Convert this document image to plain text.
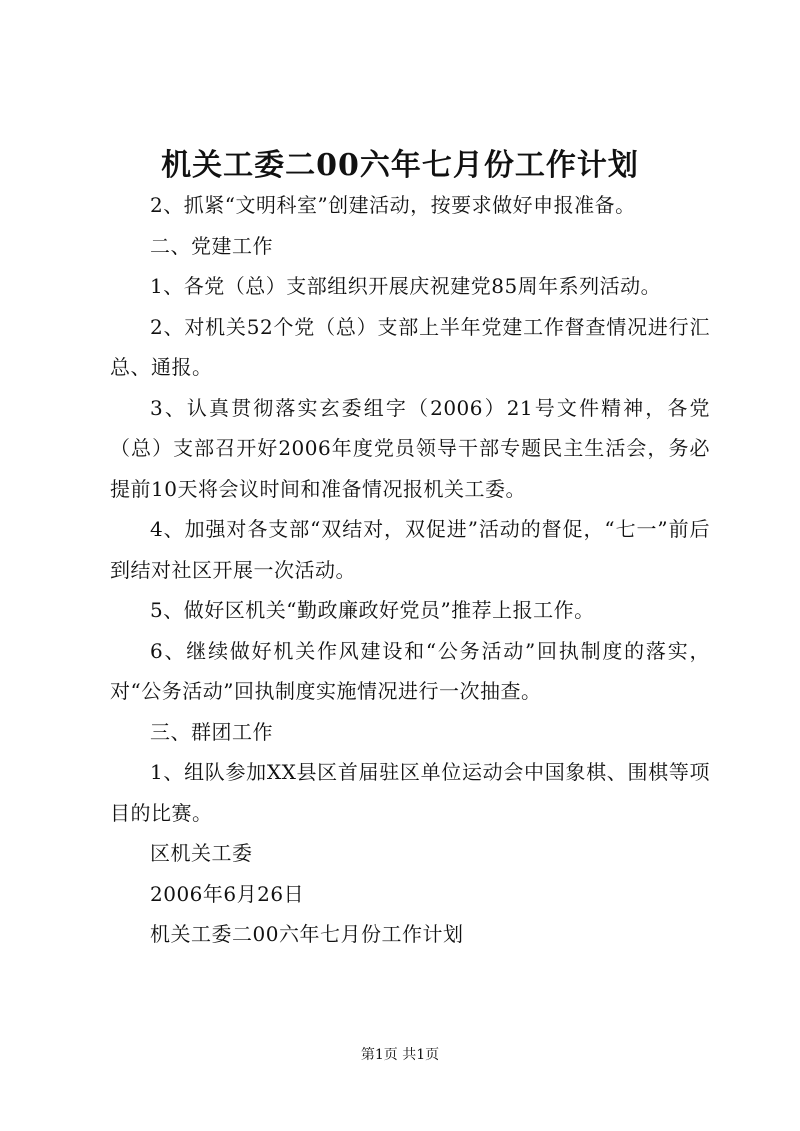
机关工委二00六年七月份工作计划

2、抓紧“文明科室”创建活动，按要求做好申报准备。

二、党建工作

1、各党（总）支部组织开展庆祝建党85周年系列活动。

2、对机关52个党（总）支部上半年党建工作督查情况进行汇总、通报。

3、认真贯彻落实玄委组字（2006）21号文件精神，各党（总）支部召开好2006年度党员领导干部专题民主生活会，务必提前10天将会议时间和准备情况报机关工委。

4、加强对各支部“双结对，双促进”活动的督促，“七一”前后到结对社区开展一次活动。

5、做好区机关“勤政廉政好党员”推荐上报工作。

6、继续做好机关作风建设和“公务活动”回执制度的落实，对“公务活动”回执制度实施情况进行一次抽查。

三、群团工作

1、组队参加XX县区首届驻区单位运动会中国象棋、围棋等项目的比赛。

区机关工委

2006年6月26日

机关工委二00六年七月份工作计划

第1页 共1页
